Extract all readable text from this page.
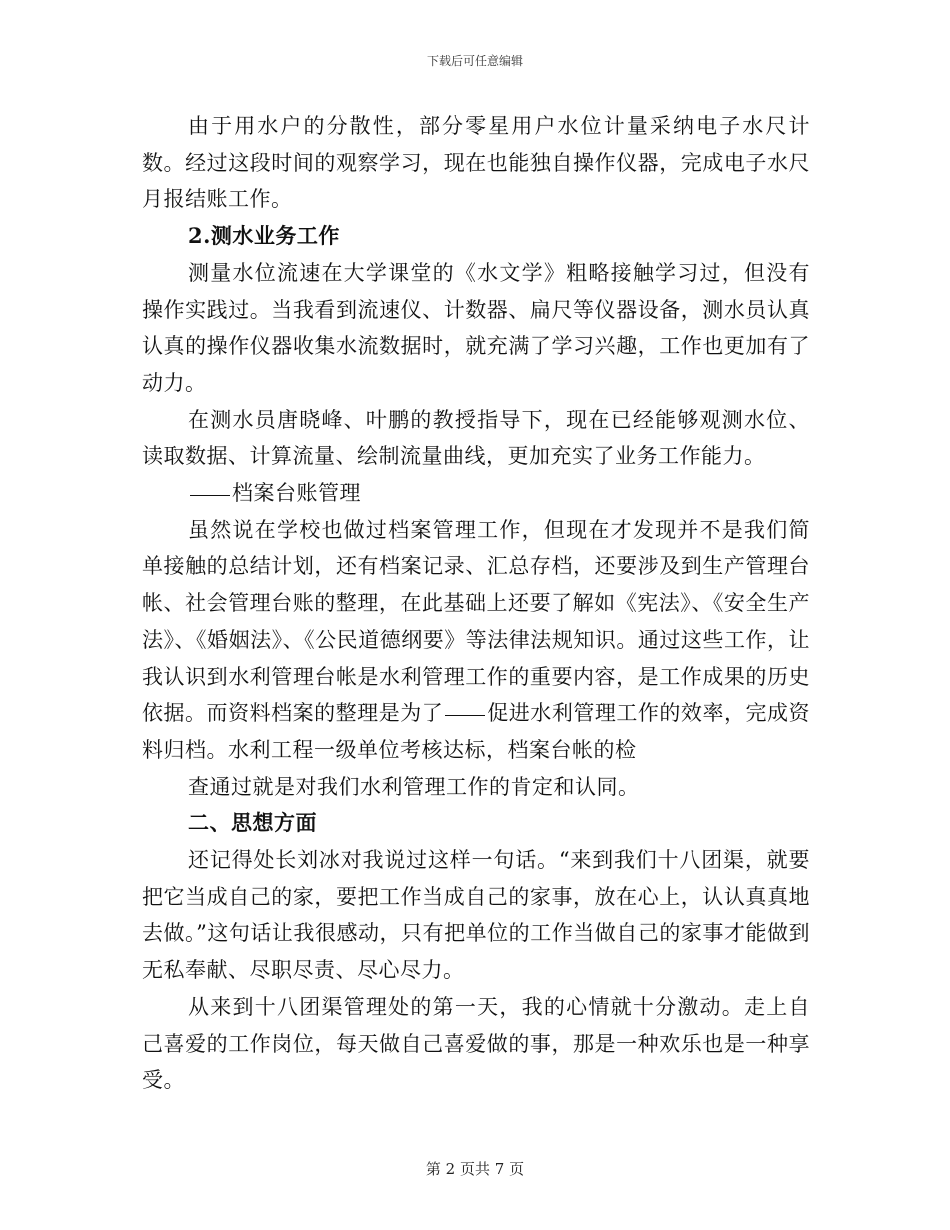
下载后可任意编辑

由于用水户的分散性，部分零星用户水位计量采纳电子水尺计数。经过这段时间的观察学习，现在也能独自操作仪器，完成电子水尺月报结账工作。

2.测水业务工作

测量水位流速在大学课堂的《水文学》粗略接触学习过，但没有操作实践过。当我看到流速仪、计数器、扁尺等仪器设备，测水员认真认真的操作仪器收集水流数据时，就充满了学习兴趣，工作也更加有了动力。

在测水员唐晓峰、叶鹏的教授指导下，现在已经能够观测水位、读取数据、计算流量、绘制流量曲线，更加充实了业务工作能力。

档案台账管理

虽然说在学校也做过档案管理工作，但现在才发现并不是我们简单接触的总结计划，还有档案记录、汇总存档，还要涉及到生产管理台帐、社会管理台账的整理，在此基础上还要了解如《宪法》、《安全生产法》、《婚姻法》、《公民道德纲要》等法律法规知识。通过这些工作，让我认识到水利管理台帐是水利管理工作的重要内容，是工作成果的历史依据。而资料档案的整理是为了 促进水利管理工作的效率，完成资料归档。水利工程一级单位考核达标，档案台帐的检

查通过就是对我们水利管理工作的肯定和认同。

二、思想方面

还记得处长刘冰对我说过这样一句话。“来到我们十八团渠，就要把它当成自己的家，要把工作当成自己的家事，放在心上，认认真真地去做。”这句话让我很感动，只有把单位的工作当做自己的家事才能做到无私奉献、尽职尽责、尽心尽力。

从来到十八团渠管理处的第一天，我的心情就十分激动。走上自己喜爱的工作岗位，每天做自己喜爱做的事，那是一种欢乐也是一种享受。

第 2 页共 7 页
